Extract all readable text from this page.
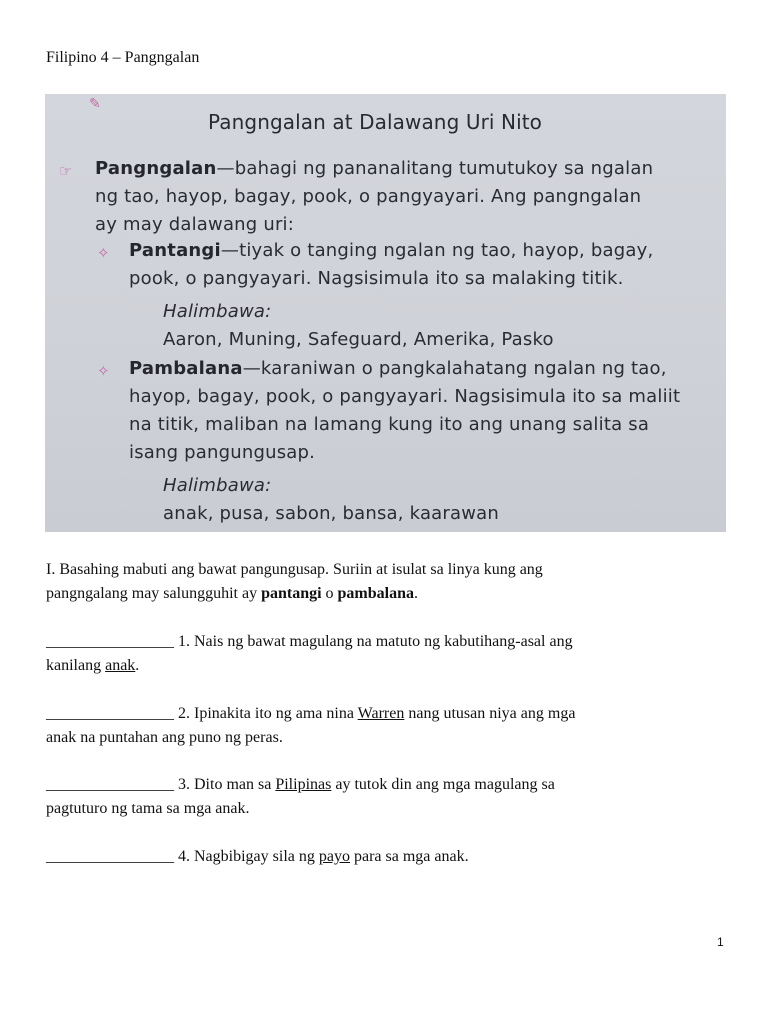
Filipino 4 – Pangngalan
✎
Pangngalan at Dalawang Uri Nito
☞ Pangngalan—bahagi ng pananalitang tumutukoy sa ngalan
ng tao, hayop, bagay, pook, o pangyayari. Ang pangngalan
ay may dalawang uri:
✧ Pantangi—tiyak o tanging ngalan ng tao, hayop, bagay,
pook, o pangyayari. Nagsisimula ito sa malaking titik.
Halimbawa:
Aaron, Muning, Safeguard, Amerika, Pasko
✧ Pambalana—karaniwan o pangkalahatang ngalan ng tao,
hayop, bagay, pook, o pangyayari. Nagsisimula ito sa maliit
na titik, maliban na lamang kung ito ang unang salita sa
isang pangungusap.
Halimbawa:
anak, pusa, sabon, bansa, kaarawan
I. Basahing mabuti ang bawat pangungusap. Suriin at isulat sa linya kung ang
pangngalang may salungguhit ay pantangi o pambalana.
________________ 1. Nais ng bawat magulang na matuto ng kabutihang-asal ang
kanilang anak.
________________ 2. Ipinakita ito ng ama nina Warren nang utusan niya ang mga
anak na puntahan ang puno ng peras.
________________ 3. Dito man sa Pilipinas ay tutok din ang mga magulang sa
pagtuturo ng tama sa mga anak.
________________ 4. Nagbibigay sila ng payo para sa mga anak.
1
